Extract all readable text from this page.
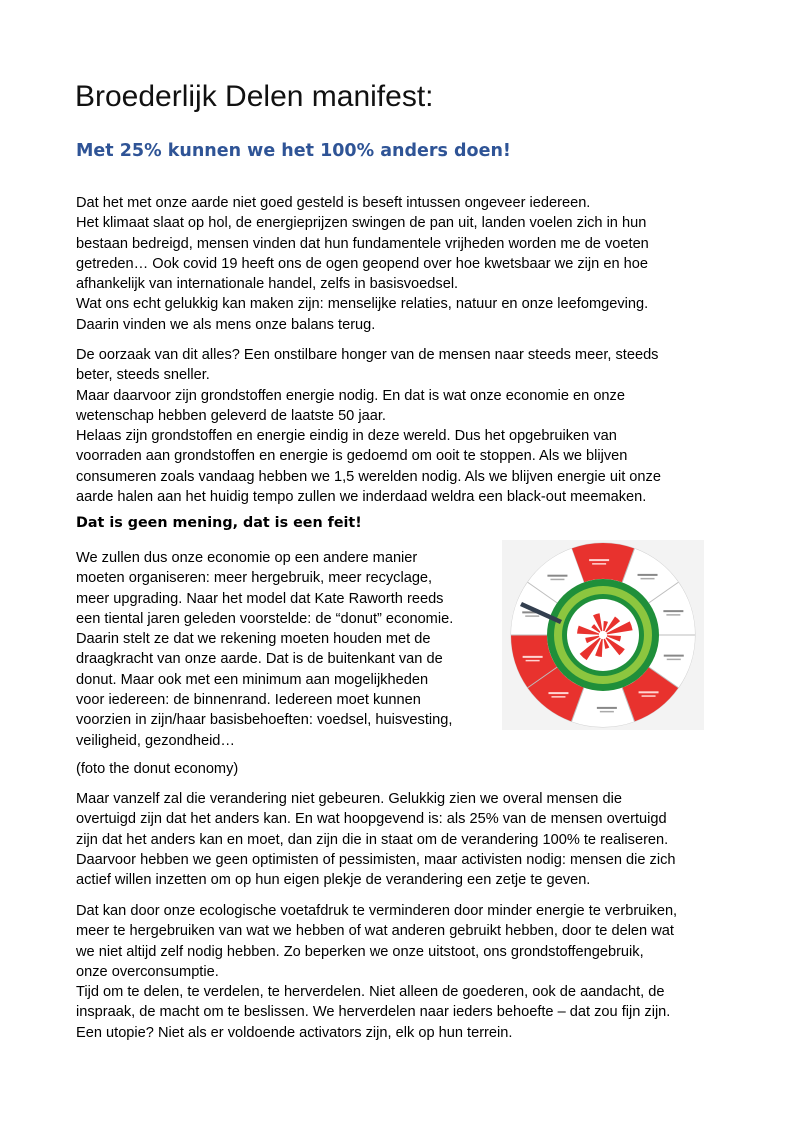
Broederlijk Delen manifest:
Met 25% kunnen we het 100% anders doen!

Dat het met onze aarde niet goed gesteld is beseft intussen ongeveer iedereen.
Het klimaat slaat op hol, de energieprijzen swingen de pan uit, landen voelen zich in hun
bestaan bedreigd, mensen vinden dat hun fundamentele vrijheden worden me de voeten
getreden… Ook covid 19 heeft ons de ogen geopend over hoe kwetsbaar we zijn en hoe
afhankelijk van internationale handel, zelfs in basisvoedsel.
Wat ons echt gelukkig kan maken zijn: menselijke relaties, natuur en onze leefomgeving.
Daarin vinden we als mens onze balans terug.

De oorzaak van dit alles? Een onstilbare honger van de mensen naar steeds meer, steeds
beter, steeds sneller.
Maar daarvoor zijn grondstoffen energie nodig. En dat is wat onze economie en onze
wetenschap hebben geleverd de laatste 50 jaar.
Helaas zijn grondstoffen en energie eindig in deze wereld. Dus het opgebruiken van
voorraden aan grondstoffen en energie is gedoemd om ooit te stoppen. Als we blijven
consumeren zoals vandaag hebben we 1,5 werelden nodig. Als we blijven energie uit onze
aarde halen aan het huidig tempo zullen we inderdaad weldra een black-out meemaken.

Dat is geen mening, dat is een feit!

We zullen dus onze economie op een andere manier
moeten organiseren: meer hergebruik, meer recyclage,
meer upgrading. Naar het model dat Kate Raworth reeds
een tiental jaren geleden voorstelde: de “donut” economie.
Daarin stelt ze dat we rekening moeten houden met de
draagkracht van onze aarde. Dat is de buitenkant van de
donut. Maar ook met een minimum aan mogelijkheden
voor iedereen: de binnenrand. Iedereen moet kunnen
voorzien in zijn/haar basisbehoeften: voedsel, huisvesting,
veiligheid, gezondheid…

(foto the donut economy)

Maar vanzelf zal die verandering niet gebeuren. Gelukkig zien we overal mensen die
overtuigd zijn dat het anders kan. En wat hoopgevend is: als 25% van de mensen overtuigd
zijn dat het anders kan en moet, dan zijn die in staat om de verandering 100% te realiseren.
Daarvoor hebben we geen optimisten of pessimisten, maar activisten nodig: mensen die zich
actief willen inzetten om op hun eigen plekje de verandering een zetje te geven.

Dat kan door onze ecologische voetafdruk te verminderen door minder energie te verbruiken,
meer te hergebruiken van wat we hebben of wat anderen gebruikt hebben, door te delen wat
we niet altijd zelf nodig hebben. Zo beperken we onze uitstoot, ons grondstoffengebruik,
onze overconsumptie.
Tijd om te delen, te verdelen, te herverdelen. Niet alleen de goederen, ook de aandacht, de
inspraak, de macht om te beslissen. We herverdelen naar ieders behoefte – dat zou fijn zijn.
Een utopie? Niet als er voldoende activators zijn, elk op hun terrein.
